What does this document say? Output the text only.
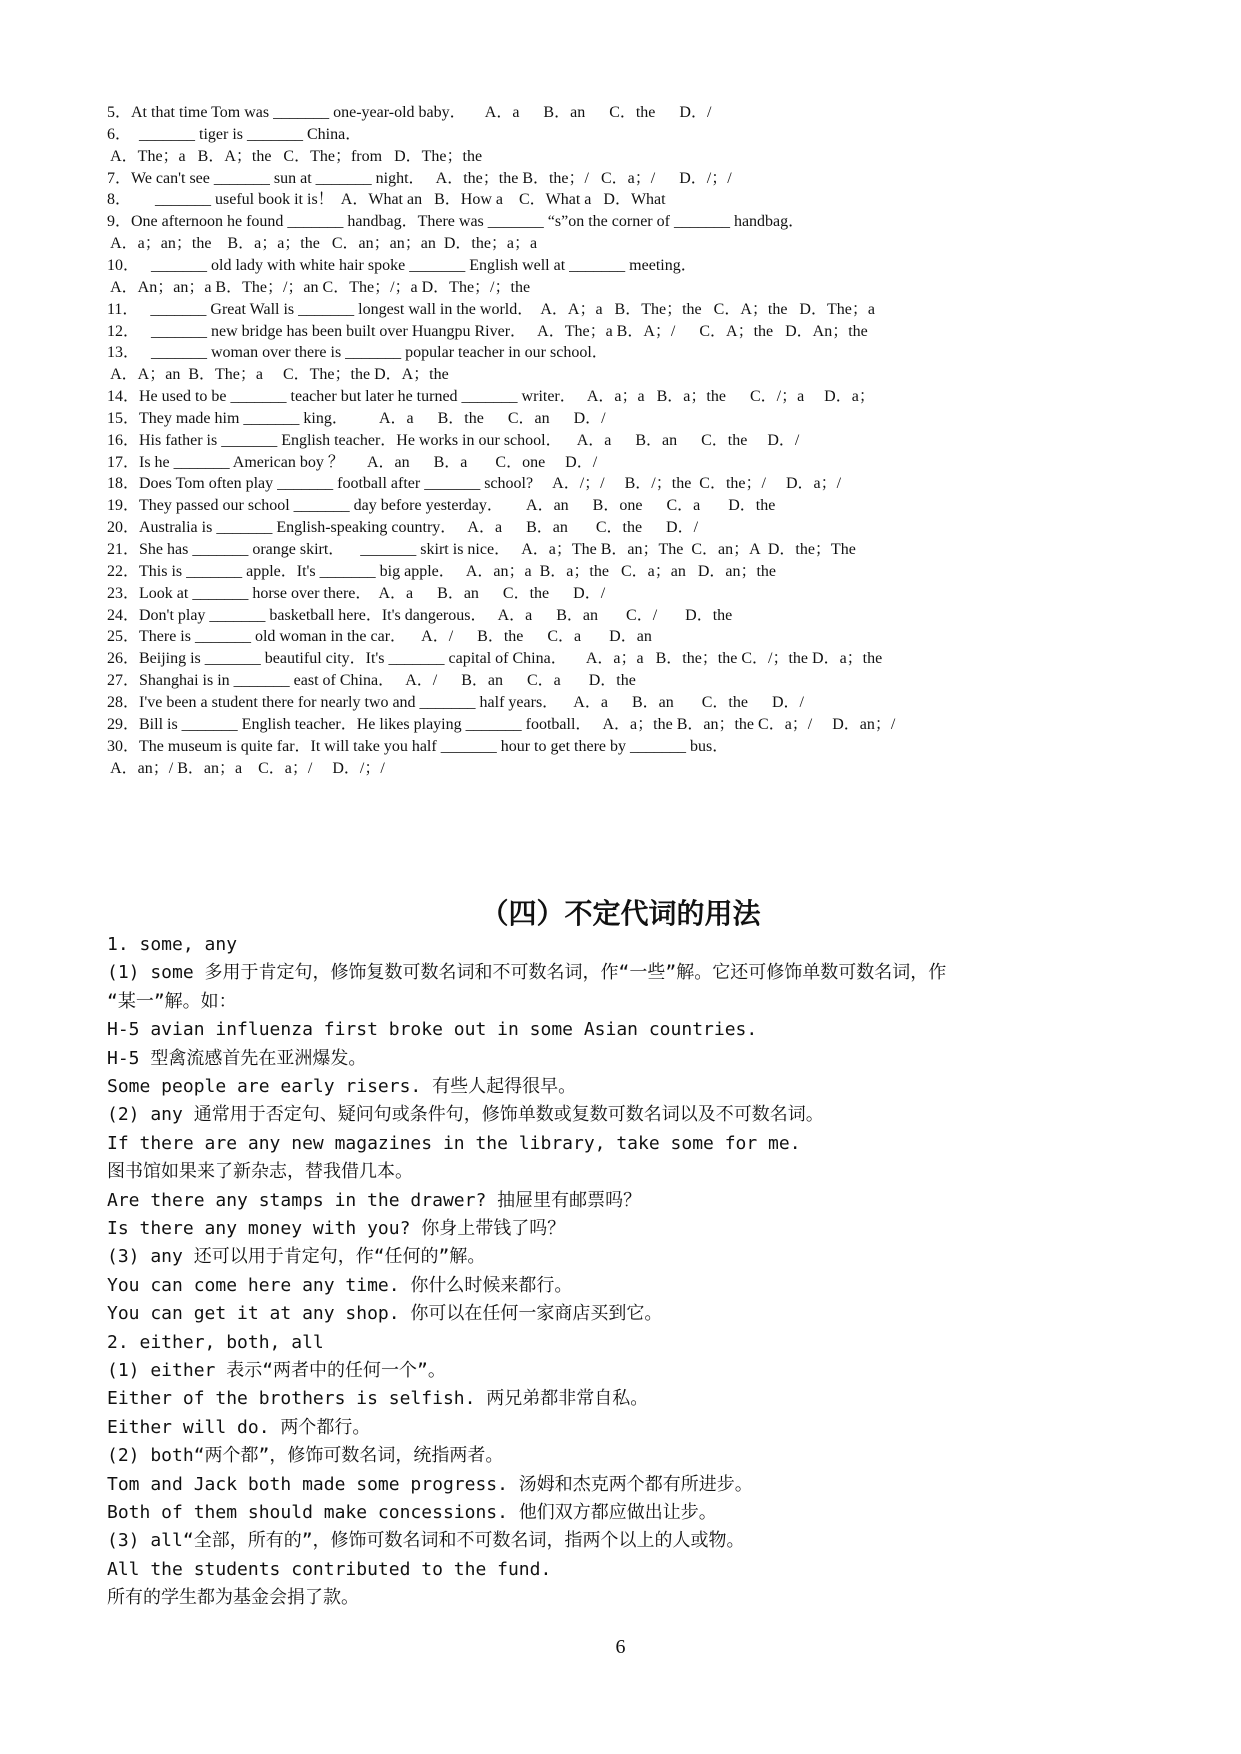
5．At that time Tom was _______ one-year-old baby．     A．a      B．an      C．the      D．/
6．  _______ tiger is _______ China．
A．The；a   B．A；the   C．The；from   D．The；the
7．We can't see _______ sun at _______ night．   A．the；the B．the；/   C．a；/      D．/；/
8．      _______ useful book it is！  A．What an   B．How a    C．What a   D．What
9．One afternoon he found _______ handbag．There was _______ “s”on the corner of _______ handbag．
A．a；an；the    B．a；a；the   C．an；an；an  D．the；a；a
10．   _______ old lady with white hair spoke _______ English well at _______ meeting．
A．An；an；a B．The；/；an C．The；/；a D．The；/；the
11．   _______ Great Wall is _______ longest wall in the world．  A．A；a   B．The；the   C．A；the   D．The；a
12．   _______ new bridge has been built over Huangpu River．   A．The；a B．A；/      C．A；the   D．An；the
13．   _______ woman over there is _______ popular teacher in our school．
A．A；an  B．The；a     C．The；the D．A；the
14．He used to be _______ teacher but later he turned _______ writer．   A．a；a   B．a；the      C．/；a     D．a；
15．They made him _______ king．        A．a      B．the      C．an      D．/
16．His father is _______ English teacher．He works in our school．    A．a      B．an      C．the     D．/
17．Is he _______ American boy ？      A．an      B．a       C．one     D．/
18．Does Tom often play _______ football after _______ school?     A．/；/     B．/；the  C．the；/     D．a；/
19．They passed our school _______ day before yesterday．      A．an      B．one      C．a       D．the
20．Australia is _______ English-speaking country．   A．a      B．an       C．the      D．/
21．She has _______ orange skirt．    _______ skirt is nice．   A．a；The B．an；The  C．an；A  D．the；The
22．This is _______ apple．It's _______ big apple．   A．an；a  B．a；the   C．a；an   D．an；the
23．Look at _______ horse over there．  A．a      B．an      C．the      D．/
24．Don't play _______ basketball here．It's dangerous．   A．a      B．an       C．/       D．the
25．There is _______ old woman in the car．    A．/      B．the      C．a       D．an
26．Beijing is _______ beautiful city．It's _______ capital of China．     A．a；a   B．the；the C．/；the D．a；the
27．Shanghai is in _______ east of China．   A．/      B．an      C．a       D．the
28．I've been a student there for nearly two and _______ half years．    A．a      B．an       C．the      D．/
29．Bill is _______ English teacher．He likes playing _______ football．   A．a；the B．an；the C．a；/     D．an；/
30．The museum is quite far．It will take you half _______ hour to get there by _______ bus．
A．an；/ B．an；a    C．a；/     D．/；/
（四）不定代词的用法
1. some, any
(1) some 多用于肯定句，修饰复数可数名词和不可数名词，作“一些”解。它还可修饰单数可数名词，作
“某一”解。如：
H-5 avian influenza first broke out in some Asian countries.
H-5 型禽流感首先在亚洲爆发。
Some people are early risers. 有些人起得很早。
(2) any 通常用于否定句、疑问句或条件句，修饰单数或复数可数名词以及不可数名词。
If there are any new magazines in the library, take some for me.
图书馆如果来了新杂志，替我借几本。
Are there any stamps in the drawer? 抽屉里有邮票吗？
Is there any money with you? 你身上带钱了吗？
(3) any 还可以用于肯定句，作“任何的”解。
You can come here any time. 你什么时候来都行。
You can get it at any shop. 你可以在任何一家商店买到它。
2. either, both, all
(1) either 表示“两者中的任何一个”。
Either of the brothers is selfish. 两兄弟都非常自私。
Either will do. 两个都行。
(2) both“两个都”，修饰可数名词，统指两者。
Tom and Jack both made some progress. 汤姆和杰克两个都有所进步。
Both of them should make concessions. 他们双方都应做出让步。
(3) all“全部，所有的”，修饰可数名词和不可数名词，指两个以上的人或物。
All the students contributed to the fund.
所有的学生都为基金会捐了款。
6
